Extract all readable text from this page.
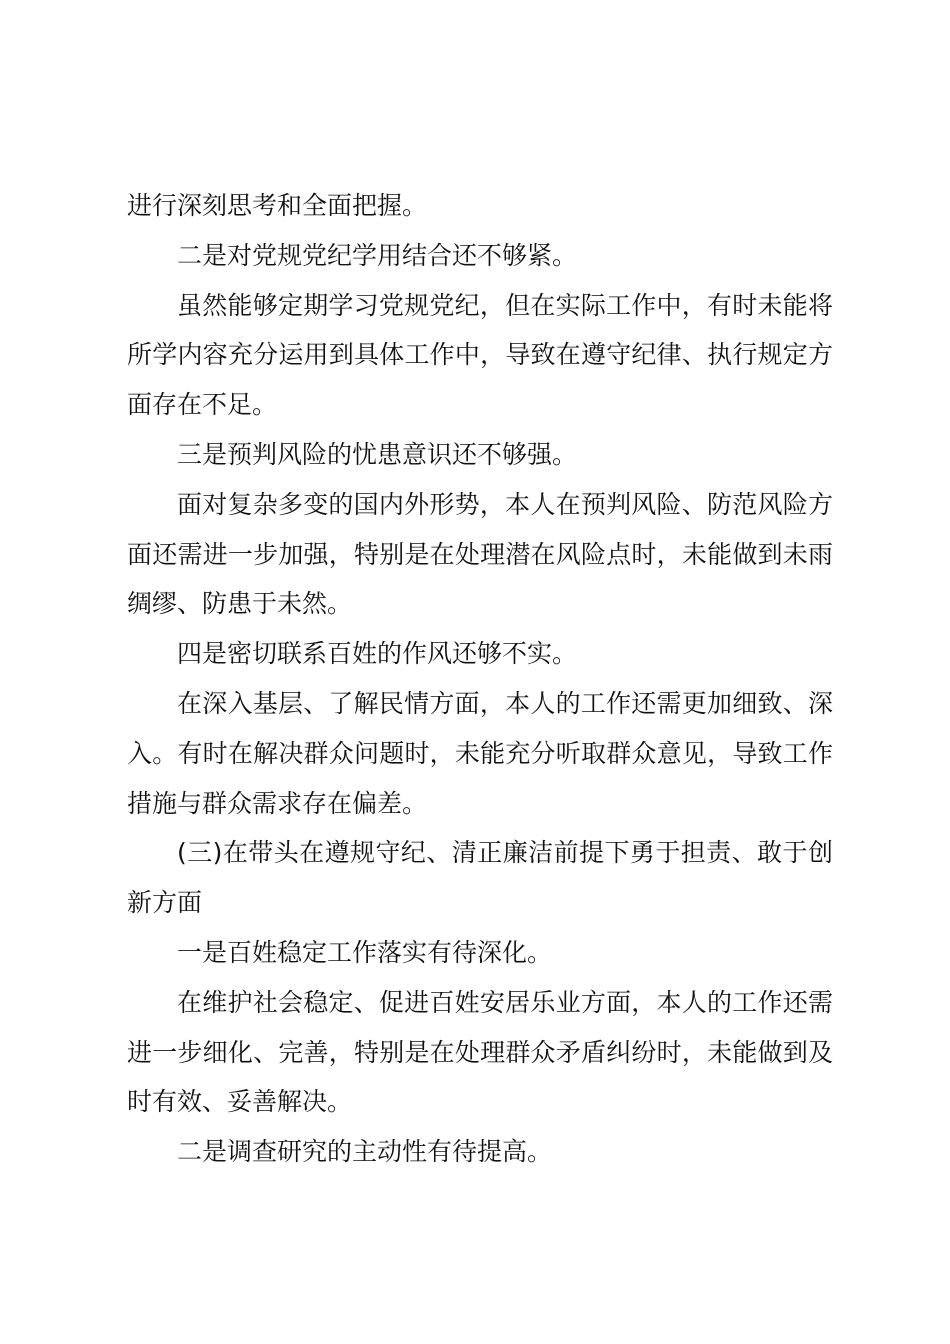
进行深刻思考和全面把握。

二是对党规党纪学用结合还不够紧。

虽然能够定期学习党规党纪，但在实际工作中，有时未能将所学内容充分运用到具体工作中，导致在遵守纪律、执行规定方面存在不足。

三是预判风险的忧患意识还不够强。

面对复杂多变的国内外形势，本人在预判风险、防范风险方面还需进一步加强，特别是在处理潜在风险点时，未能做到未雨绸缪、防患于未然。

四是密切联系百姓的作风还够不实。

在深入基层、了解民情方面，本人的工作还需更加细致、深入。有时在解决群众问题时，未能充分听取群众意见，导致工作措施与群众需求存在偏差。

(三)在带头在遵规守纪、清正廉洁前提下勇于担责、敢于创新方面

一是百姓稳定工作落实有待深化。

在维护社会稳定、促进百姓安居乐业方面，本人的工作还需进一步细化、完善，特别是在处理群众矛盾纠纷时，未能做到及时有效、妥善解决。

二是调查研究的主动性有待提高。
